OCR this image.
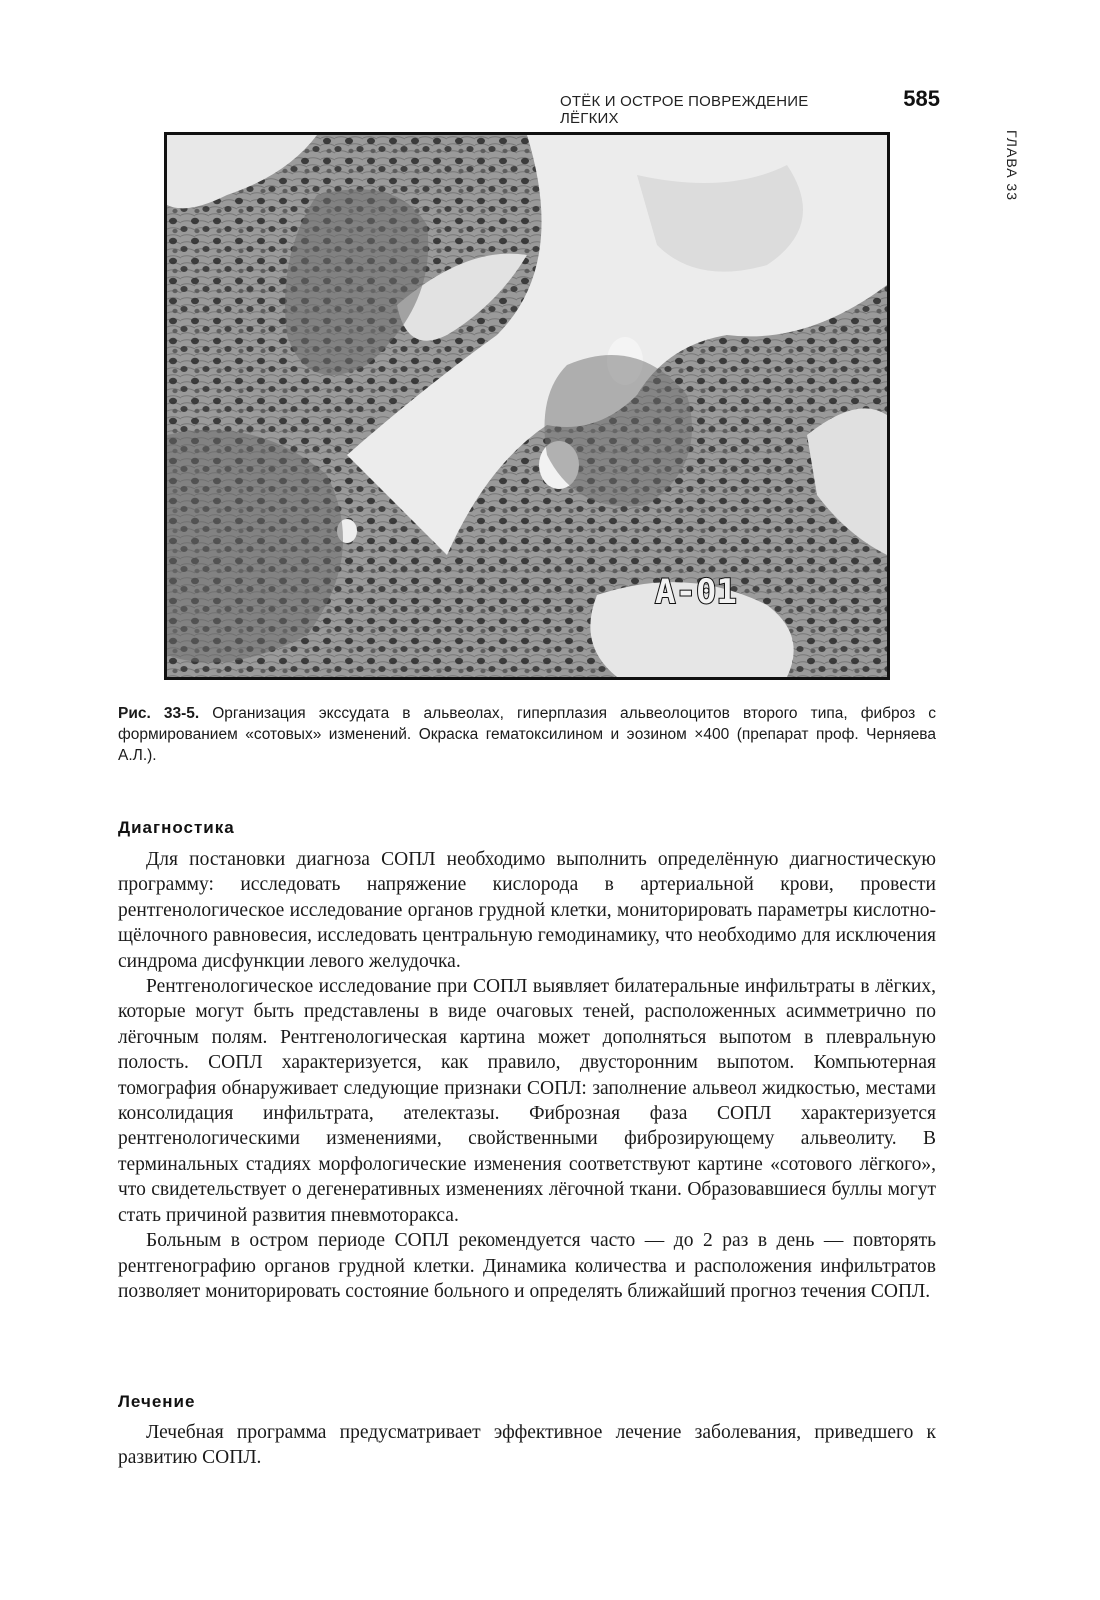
ОТЁК И ОСТРОЕ ПОВРЕЖДЕНИЕ ЛЁГКИХ
585
ГЛАВА 33
A-01
Рис. 33-5. Организация экссудата в альвеолах, гиперплазия альвеолоцитов второго типа, фиброз с формированием «сотовых» изменений. Окраска гематоксилином и эозином ×400 (препарат проф. Черняева А.Л.).
Диагностика

Для постановки диагноза СОПЛ необходимо выполнить определённую диагностическую программу: исследовать напряжение кислорода в артериальной крови, провести рентгенологическое исследование органов грудной клетки, мониторировать параметры кислотно-щёлочного равновесия, исследовать центральную гемодинамику, что необходимо для исключения синдрома дисфункции левого желудочка.

Рентгенологическое исследование при СОПЛ выявляет билатеральные инфильтраты в лёгких, которые могут быть представлены в виде очаговых теней, расположенных асимметрично по лёгочным полям. Рентгенологическая картина может дополняться выпотом в плевральную полость. СОПЛ характеризуется, как правило, двусторонним выпотом. Компьютерная томография обнаруживает следующие признаки СОПЛ: заполнение альвеол жидкостью, местами консолидация инфильтрата, ателектазы. Фиброзная фаза СОПЛ характеризуется рентгенологическими изменениями, свойственными фиброзирующему альвеолиту. В терминальных стадиях морфологические изменения соответствуют картине «сотового лёгкого», что свидетельствует о дегенеративных изменениях лёгочной ткани. Образовавшиеся буллы могут стать причиной развития пневмоторакса.

Больным в остром периоде СОПЛ рекомендуется часто — до 2 раз в день — повторять рентгенографию органов грудной клетки. Динамика количества и расположения инфильтратов позволяет мониторировать состояние больного и определять ближайший прогноз течения СОПЛ.

Лечение

Лечебная программа предусматривает эффективное лечение заболевания, приведшего к развитию СОПЛ.
